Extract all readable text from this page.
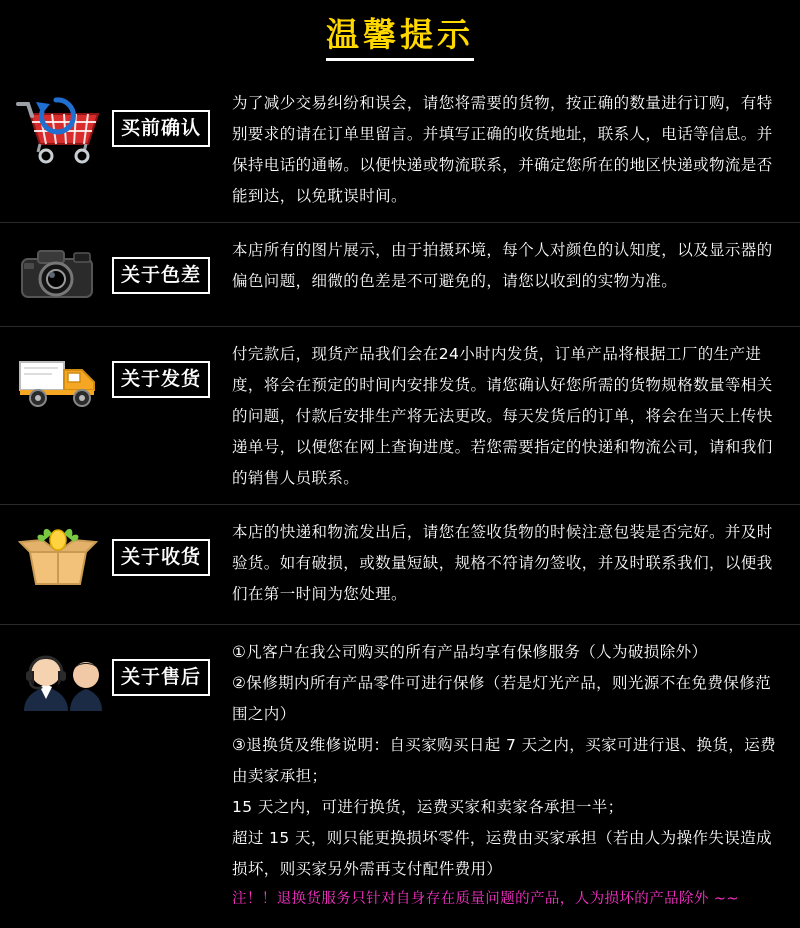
温馨提示
买前确认
为了减少交易纠纷和误会，请您将需要的货物，按正确的数量进行订购，有特别要求的请在订单里留言。并填写正确的收货地址，联系人，电话等信息。并保持电话的通畅。以便快递或物流联系，并确定您所在的地区快递或物流是否能到达，以免耽误时间。
关于色差
本店所有的图片展示，由于拍摄环境，每个人对颜色的认知度，以及显示器的偏色问题，细微的色差是不可避免的，请您以收到的实物为准。
关于发货
付完款后，现货产品我们会在24小时内发货，订单产品将根据工厂的生产进度，将会在预定的时间内安排发货。请您确认好您所需的货物规格数量等相关的问题，付款后安排生产将无法更改。每天发货后的订单，将会在当天上传快递单号，以便您在网上查询进度。若您需要指定的快递和物流公司，请和我们的销售人员联系。
关于收货
本店的快递和物流发出后，请您在签收货物的时候注意包装是否完好。并及时验货。如有破损，或数量短缺，规格不符请勿签收，并及时联系我们，以便我们在第一时间为您处理。
关于售后

①凡客户在我公司购买的所有产品均享有保修服务（人为破损除外）

②保修期内所有产品零件可进行保修（若是灯光产品，则光源不在免费保修范围之内）

③退换货及维修说明：自买家购买日起 7 天之内，买家可进行退、换货，运费由卖家承担；

15 天之内，可进行换货，运费买家和卖家各承担一半；

超过 15 天，则只能更换损坏零件，运费由买家承担（若由人为操作失误造成损坏，则买家另外需再支付配件费用）

注！！退换货服务只针对自身存在质量问题的产品，人为损坏的产品除外 ~~
